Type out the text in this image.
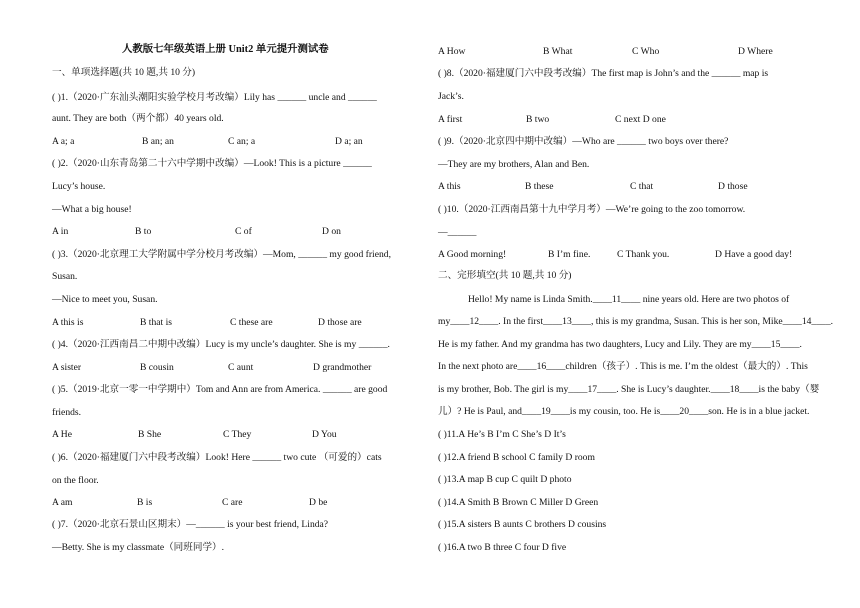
人教版七年级英语上册 Unit2 单元提升测试卷
一、单项选择题(共 10 题,共 10 分)
( )1.（2020·广东汕头潮阳实验学校月考改编）Lily has ______ uncle and ______
aunt. They are both（两个都）40 years old.
A a; a	B an; an	C an; a	D a; an
( )2.（2020·山东青岛第二十六中学期中改编）—Look! This is a picture ______
Lucy’s house.
—What a big house!
A in	B to	C of	D on
( )3.（2020·北京理工大学附属中学分校月考改编）—Mom, ______ my good friend,
Susan.
—Nice to meet you, Susan.
A this is	B that is	C these are	D those are
( )4.（2020·江西南昌二中期中改编）Lucy is my uncle’s daughter. She is my ______.
A sister	B cousin	C aunt	D grandmother
( )5.（2019·北京一零一中学期中）Tom and Ann are from America. ______ are good
friends.
A He	B She	C They	D You
( )6.（2020·福建厦门六中段考改编）Look! Here ______ two cute （可爱的）cats
on the floor.
A am	B is	C are	D be
( )7.（2020·北京石景山区期末）—______ is your best friend, Linda?
—Betty. She is my classmate（同班同学）.
A How	B What	C Who	D Where
( )8.（2020·福建厦门六中段考改编）The first map is John’s and the ______ map is
Jack’s.
A first	B two	C next D one
( )9.（2020·北京四中期中改编）—Who are ______ two boys over there?
—They are my brothers, Alan and Ben.
A this	B these	C that	D those
( )10.（2020·江西南昌第十九中学月考）—We’re going to the zoo tomorrow.
—______
A Good morning!	B I’m fine.	C Thank you.	D Have a good day!
二、完形填空(共 10 题,共 10 分)
Hello! My name is Linda Smith.____11____ nine years old. Here are two photos of
my____12____. In the first____13____, this is my grandma, Susan. This is her son, Mike____14____.
He is my father. And my grandma has two daughters, Lucy and Lily. They are my____15____.
In the next photo are____16____children（孩子）. This is me. I’m the oldest（最大的）. This
is my brother, Bob. The girl is my____17____. She is Lucy’s daughter.____18____is the baby（婴
儿）? He is Paul, and____19____is my cousin, too. He is____20____son. He is in a blue jacket.
( )11.A He’s B I’m C She’s D It’s
( )12.A friend B school C family D room
( )13.A map B cup C quilt D photo
( )14.A Smith B Brown C Miller D Green
( )15.A sisters B aunts C brothers D cousins
( )16.A two B three C four D five
